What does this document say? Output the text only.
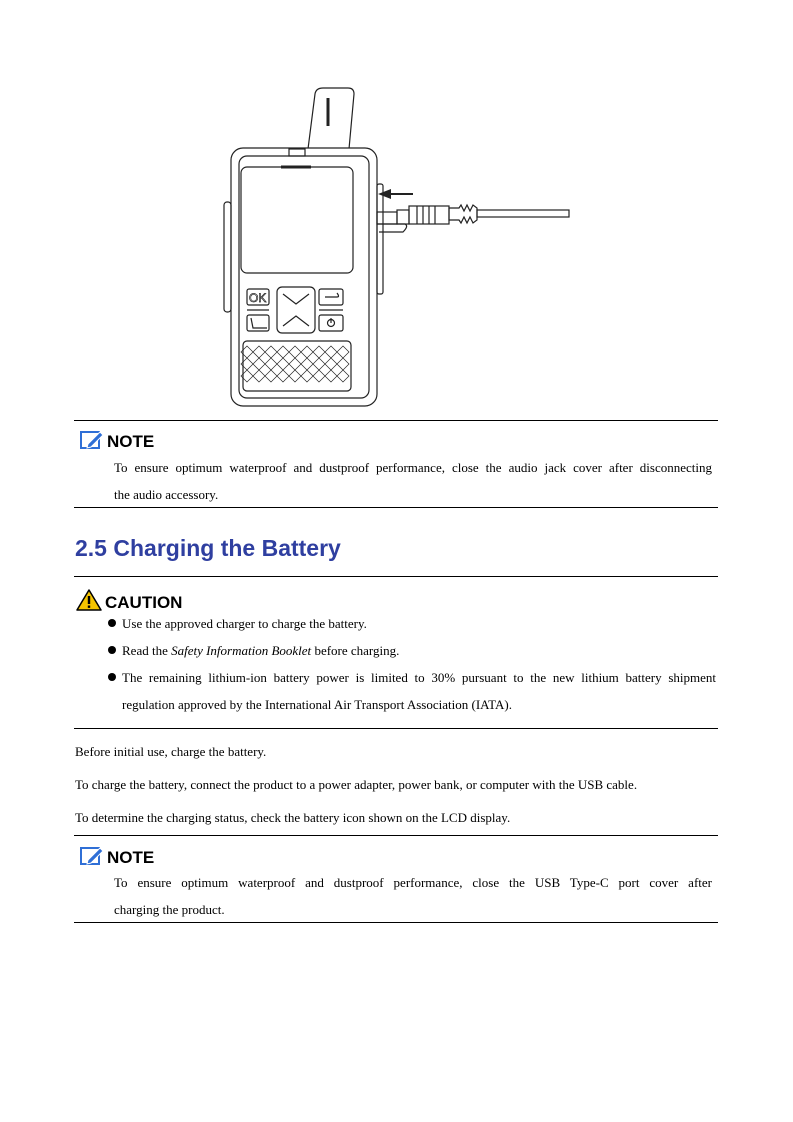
OK
NOTE
To ensure optimum waterproof and dustproof performance, close the audio jack cover after disconnecting
the audio accessory.
2.5 Charging the Battery
CAUTION
Use the approved charger to charge the battery.
Read the Safety Information Booklet before charging.
The remaining lithium-ion battery power is limited to 30% pursuant to the new lithium battery shipment
regulation approved by the International Air Transport Association (IATA).
Before initial use, charge the battery.
To charge the battery, connect the product to a power adapter, power bank, or computer with the USB cable.
To determine the charging status, check the battery icon shown on the LCD display.
NOTE
To ensure optimum waterproof and dustproof performance, close the USB Type-C port cover after
charging the product.
